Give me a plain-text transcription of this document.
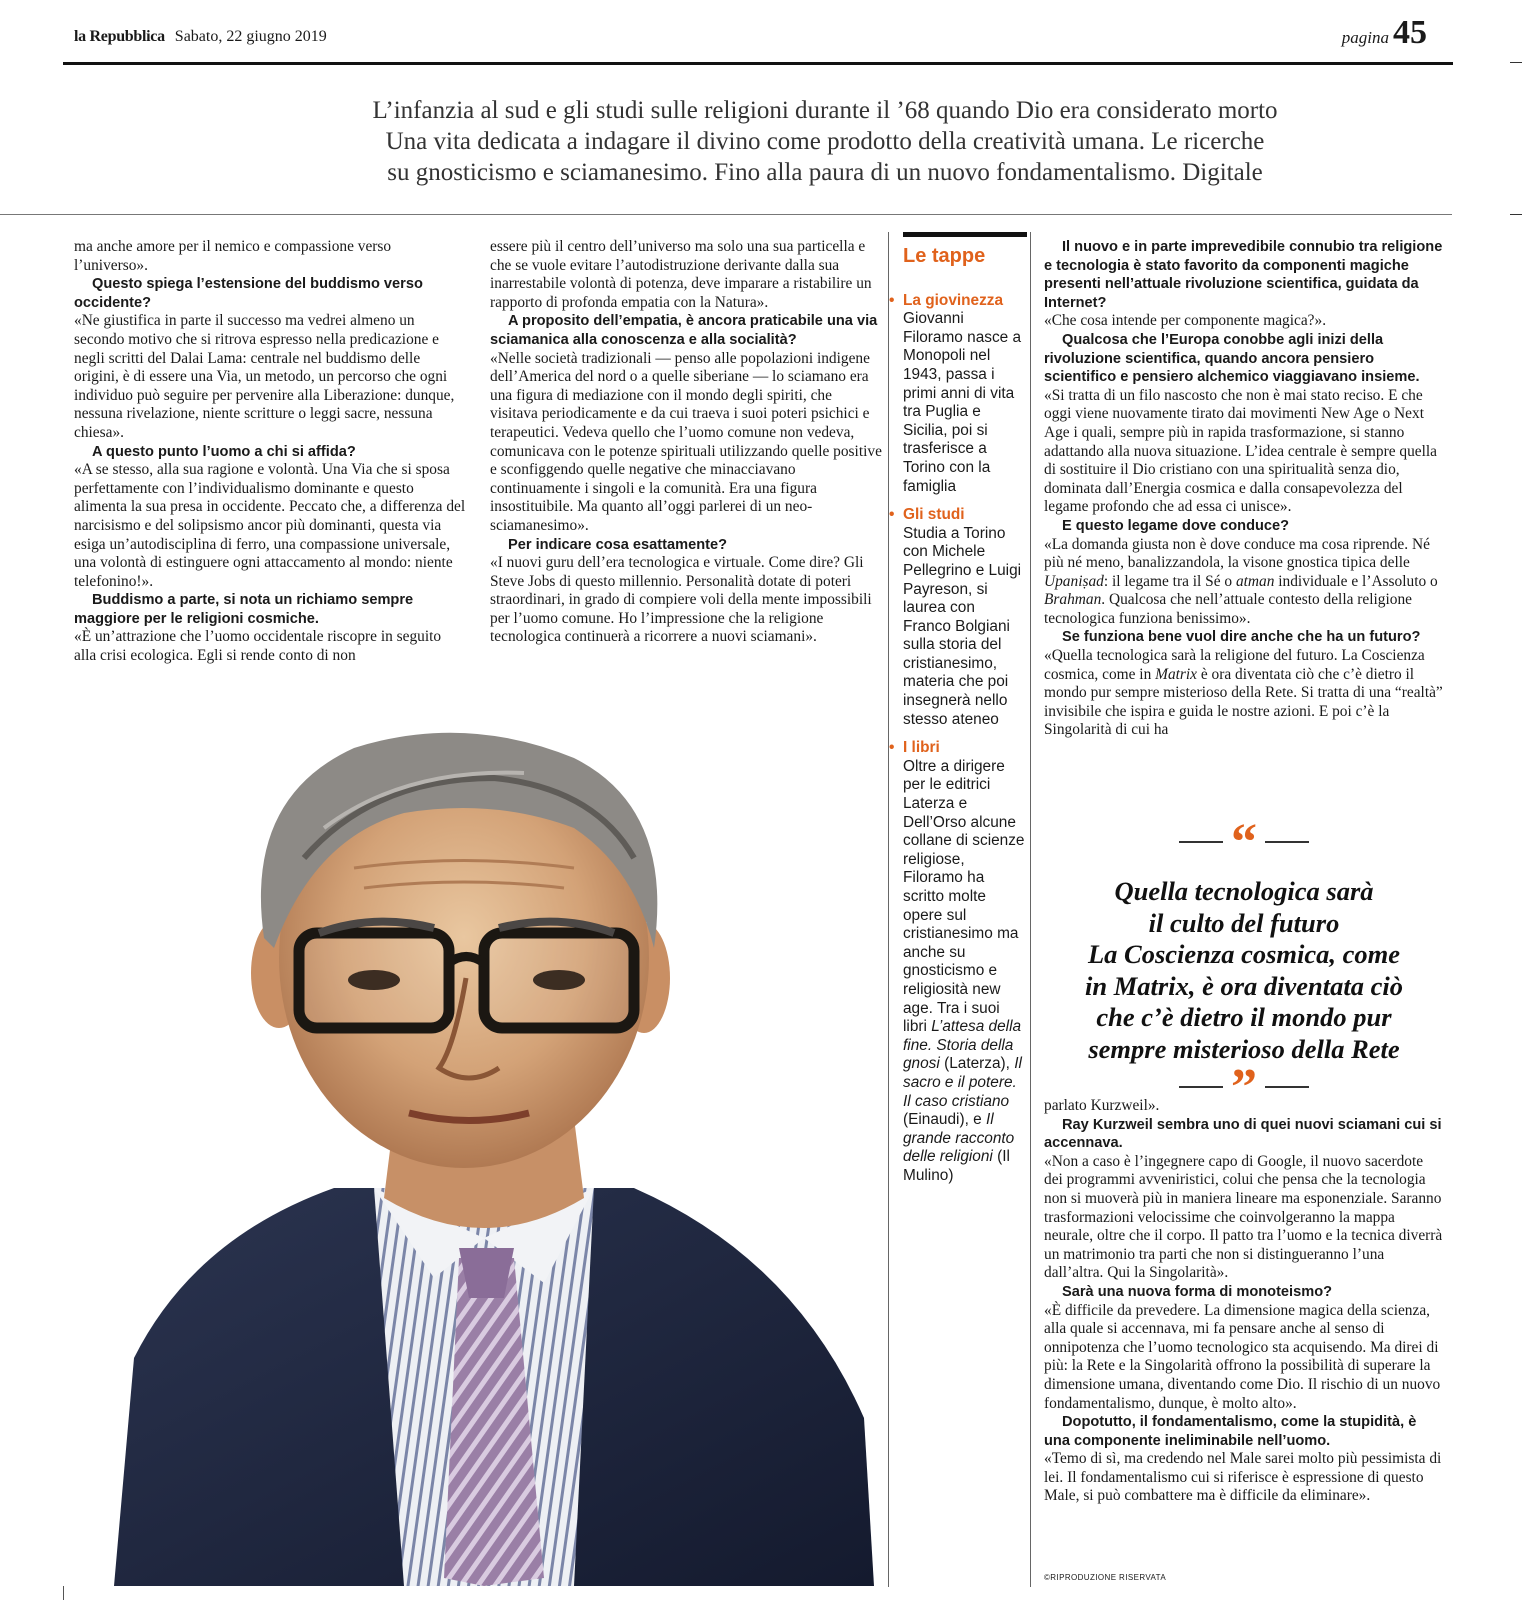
la Repubblica Sabato, 22 giugno 2019	pagina 45
L’infanzia al sud e gli studi sulle religioni durante il ’68 quando Dio era considerato morto
Una vita dedicata a indagare il divino come prodotto della creatività umana. Le ricerche
su gnosticismo e sciamanesimo. Fino alla paura di un nuovo fondamentalismo. Digitale

ma anche amore per il nemico e compassione verso l’universo».

Questo spiega l’estensione del buddismo verso occidente?

«Ne giustifica in parte il successo ma vedrei almeno un secondo motivo che si ritrova espresso nella predicazione e negli scritti del Dalai Lama: centrale nel buddismo delle origini, è di essere una Via, un metodo, un percorso che ogni individuo può seguire per pervenire alla Liberazione: dunque, nessuna rivelazione, niente scritture o leggi sacre, nessuna chiesa».

A questo punto l’uomo a chi si affida?

«A se stesso, alla sua ragione e volontà. Una Via che si sposa perfettamente con l’individualismo dominante e questo alimenta la sua presa in occidente. Peccato che, a differenza del narcisismo e del solipsismo ancor più dominanti, questa via esiga un’autodisciplina di ferro, una compassione universale, una volontà di estinguere ogni attaccamento al mondo: niente telefonino!».

Buddismo a parte, si nota un richiamo sempre maggiore per le religioni cosmiche.

«È un’attrazione che l’uomo occidentale riscopre in seguito alla crisi ecologica. Egli si rende conto di non

essere più il centro dell’universo ma solo una sua particella e che se vuole evitare l’autodistruzione derivante dalla sua inarrestabile volontà di potenza, deve imparare a ristabilire un rapporto di profonda empatia con la Natura».

A proposito dell’empatia, è ancora praticabile una via sciamanica alla conoscenza e alla socialità?

«Nelle società tradizionali — penso alle popolazioni indigene dell’America del nord o a quelle siberiane — lo sciamano era una figura di mediazione con il mondo degli spiriti, che visitava periodicamente e da cui traeva i suoi poteri psichici e terapeutici. Vedeva quello che l’uomo comune non vedeva, comunicava con le potenze spirituali utilizzando quelle positive e sconfiggendo quelle negative che minacciavano continuamente i singoli e la comunità. Era una figura insostituibile. Ma quanto all’oggi parlerei di un neo-sciamanesimo».

Per indicare cosa esattamente?

«I nuovi guru dell’era tecnologica e virtuale. Come dire? Gli Steve Jobs di questo millennio. Personalità dotate di poteri straordinari, in grado di compiere voli della mente impossibili per l’uomo comune. Ho l’impressione che la religione tecnologica continuerà a ricorrere a nuovi sciamani».

Le tappe
• La giovinezza

Giovanni Filoramo nasce a Monopoli nel 1943, passa i primi anni di vita tra Puglia e Sicilia, poi si trasferisce a Torino con la famiglia

• Gli studi

Studia a Torino con Michele Pellegrino e Luigi Payreson, si laurea con Franco Bolgiani sulla storia del cristianesimo, materia che poi insegnerà nello stesso ateneo

• I libri

Oltre a dirigere per le editrici Laterza e Dell’Orso alcune collane di scienze religiose, Filoramo ha scritto molte opere sul cristianesimo ma anche su gnosticismo e religiosità new age. Tra i suoi libri L’attesa della fine. Storia della gnosi (Laterza), Il sacro e il potere. Il caso cristiano (Einaudi), e Il grande racconto delle religioni (Il Mulino)

Il nuovo e in parte imprevedibile connubio tra religione e tecnologia è stato favorito da componenti magiche presenti nell’attuale rivoluzione scientifica, guidata da Internet?

«Che cosa intende per componente magica?».

Qualcosa che l’Europa conobbe agli inizi della rivoluzione scientifica, quando ancora pensiero scientifico e pensiero alchemico viaggiavano insieme.

«Si tratta di un filo nascosto che non è mai stato reciso. E che oggi viene nuovamente tirato dai movimenti New Age o Next Age i quali, sempre più in rapida trasformazione, si stanno adattando alla nuova situazione. L’idea centrale è sempre quella di sostituire il Dio cristiano con una spiritualità senza dio, dominata dall’Energia cosmica e dalla consapevolezza del legame profondo che ad essa ci unisce».

E questo legame dove conduce?

«La domanda giusta non è dove conduce ma cosa riprende. Né più né meno, banalizzandola, la visone gnostica tipica delle Upaniṣad: il legame tra il Sé o atman individuale e l’Assoluto o Brahman. Qualcosa che nell’attuale contesto della religione tecnologica funziona benissimo».

Se funziona bene vuol dire anche che ha un futuro?

«Quella tecnologica sarà la religione del futuro. La Coscienza cosmica, come in Matrix è ora diventata ciò che c’è dietro il mondo pur sempre misterioso della Rete. Si tratta di una “realtà” invisibile che ispira e guida le nostre azioni. E poi c’è la Singolarità di cui ha

“
Quella tecnologica sarà
il culto del futuro
La Coscienza cosmica, come
in Matrix, è ora diventata ciò
che c’è dietro il mondo pur
sempre misterioso della Rete
”

parlato Kurzweil».

Ray Kurzweil sembra uno di quei nuovi sciamani cui si accennava.

«Non a caso è l’ingegnere capo di Google, il nuovo sacerdote dei programmi avveniristici, colui che pensa che la tecnologia non si muoverà più in maniera lineare ma esponenziale. Saranno trasformazioni velocissime che coinvolgeranno la mappa neurale, oltre che il corpo. Il patto tra l’uomo e la tecnica diverrà un matrimonio tra parti che non si distingueranno l’una dall’altra. Qui la Singolarità».

Sarà una nuova forma di monoteismo?

«È difficile da prevedere. La dimensione magica della scienza, alla quale si accennava, mi fa pensare anche al senso di onnipotenza che l’uomo tecnologico sta acquisendo. Ma direi di più: la Rete e la Singolarità offrono la possibilità di superare la dimensione umana, diventando come Dio. Il rischio di un nuovo fondamentalismo, dunque, è molto alto».

Dopotutto, il fondamentalismo, come la stupidità, è una componente ineliminabile nell’uomo.

«Temo di sì, ma credendo nel Male sarei molto più pessimista di lei. Il fondamentalismo cui si riferisce è espressione di questo Male, si può combattere ma è difficile da eliminare».

©RIPRODUZIONE RISERVATA
